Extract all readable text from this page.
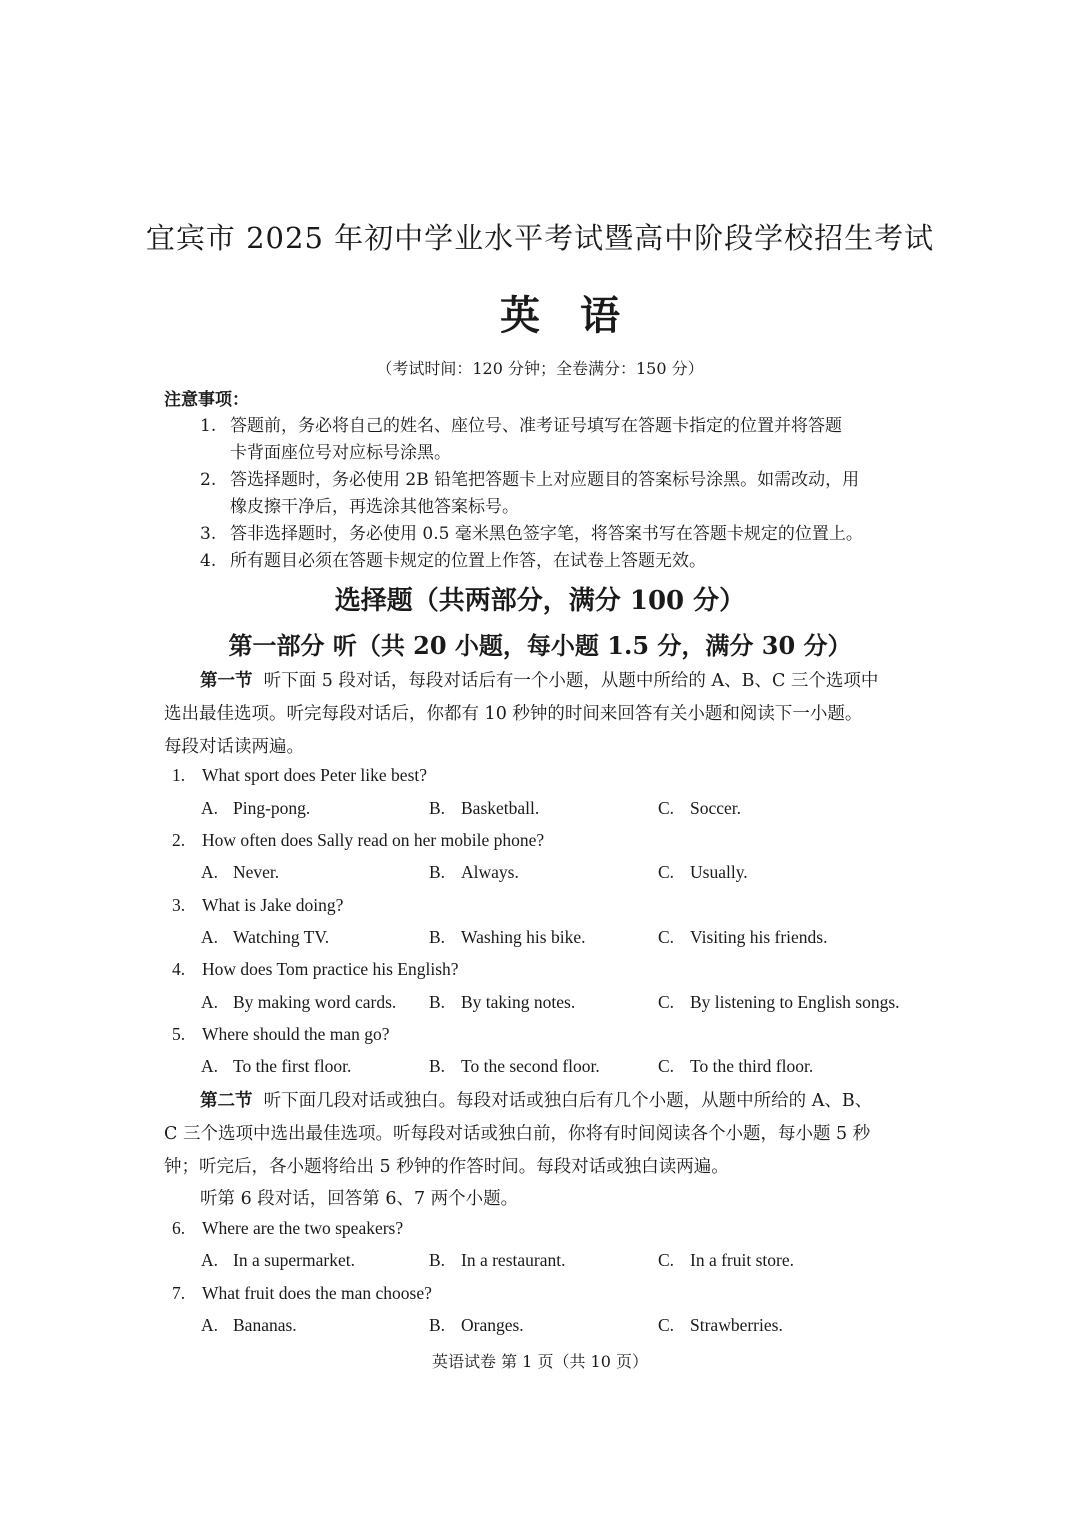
宜宾市 2025 年初中学业水平考试暨高中阶段学校招生考试
英语
（考试时间：120 分钟；全卷满分：150 分）
注意事项：
1. 答题前，务必将自己的姓名、座位号、准考证号填写在答题卡指定的位置并将答题
卡背面座位号对应标号涂黑。
2. 答选择题时，务必使用 2B 铅笔把答题卡上对应题目的答案标号涂黑。如需改动，用
橡皮擦干净后，再选涂其他答案标号。
3. 答非选择题时，务必使用 0.5 毫米黑色签字笔，将答案书写在答题卡规定的位置上。
4. 所有题目必须在答题卡规定的位置上作答，在试卷上答题无效。
选择题（共两部分，满分 100 分）
第一部分 听（共 20 小题，每小题 1.5 分，满分 30 分）
第一节 听下面 5 段对话，每段对话后有一个小题，从题中所给的 A、B、C 三个选项中
选出最佳选项。听完每段对话后，你都有 10 秒钟的时间来回答有关小题和阅读下一小题。
每段对话读两遍。
1. What sport does Peter like best?
A. Ping-pong.	B. Basketball.	C. Soccer.
2. How often does Sally read on her mobile phone?
A. Never.	B. Always.	C. Usually.
3. What is Jake doing?
A. Watching TV.	B. Washing his bike.	C. Visiting his friends.
4. How does Tom practice his English?
A. By making word cards. B. By taking notes.	C. By listening to English songs.
5. Where should the man go?
A. To the first floor.	B. To the second floor.	C. To the third floor.
第二节 听下面几段对话或独白。每段对话或独白后有几个小题，从题中所给的 A、B、
C 三个选项中选出最佳选项。听每段对话或独白前，你将有时间阅读各个小题，每小题 5 秒
钟；听完后，各小题将给出 5 秒钟的作答时间。每段对话或独白读两遍。
听第 6 段对话，回答第 6、7 两个小题。
6. Where are the two speakers?
A. In a supermarket.	B. In a restaurant.	C. In a fruit store.
7. What fruit does the man choose?
A. Bananas.	B. Oranges.	C. Strawberries.
英语试卷 第 1 页（共 10 页）
